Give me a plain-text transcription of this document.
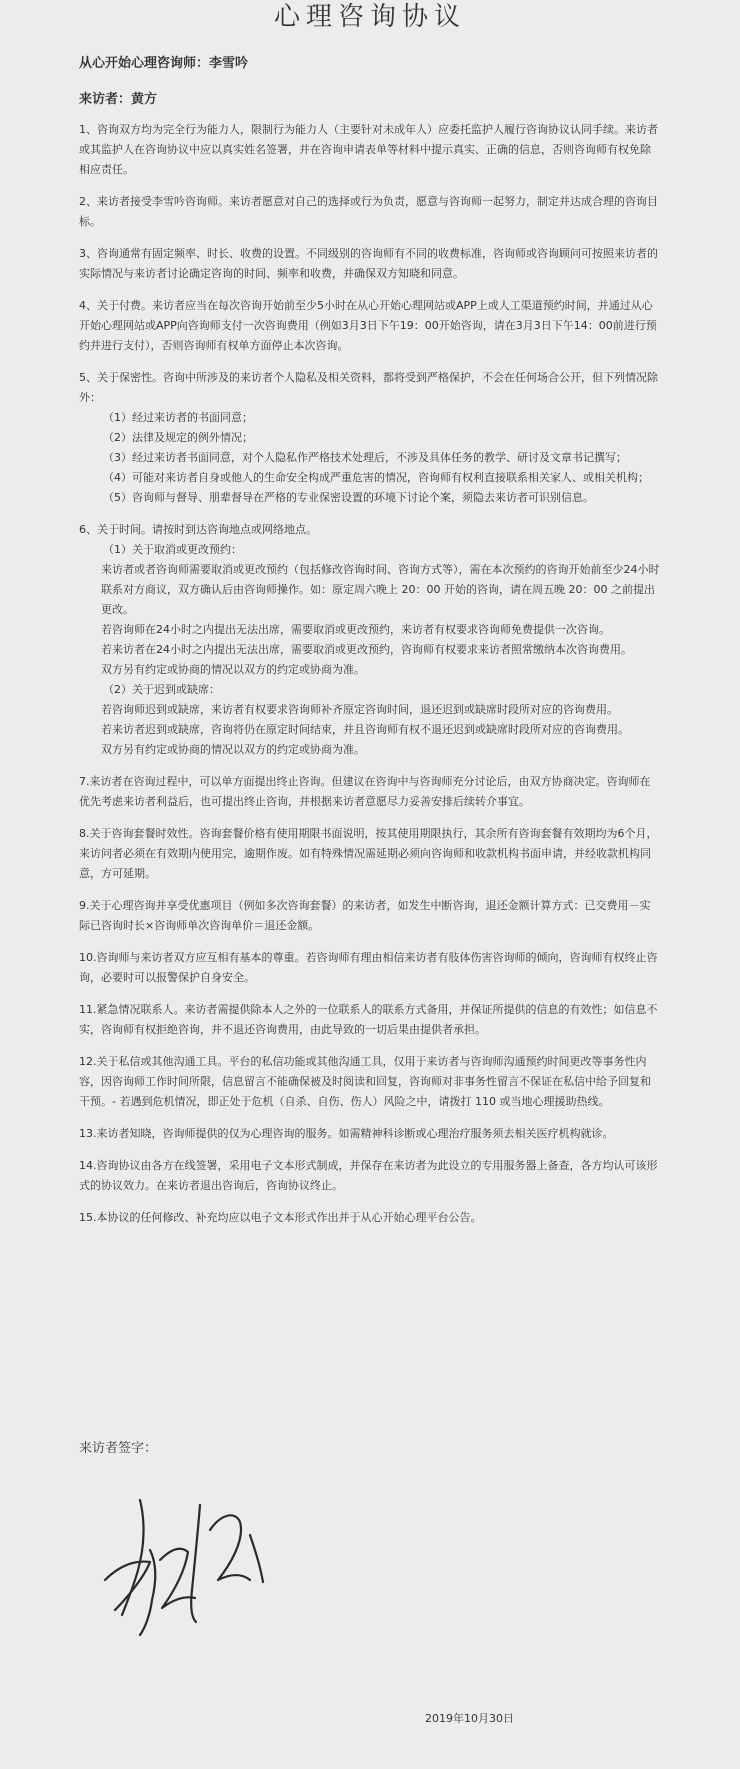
心理咨询协议
从心开始心理咨询师：李雪吟
来访者：黄方

1、咨询双方均为完全行为能力人，限制行为能力人（主要针对未成年人）应委托监护人履行咨询协议认同手续。来访者或其监护人在咨询协议中应以真实姓名签署，并在咨询申请表单等材料中提示真实、正确的信息，否则咨询师有权免除相应责任。

2、来访者接受李雪吟咨询师。来访者愿意对自己的选择或行为负责，愿意与咨询师一起努力，制定并达成合理的咨询目标。

3、咨询通常有固定频率、时长、收费的设置。不同级别的咨询师有不同的收费标准，咨询师或咨询顾问可按照来访者的实际情况与来访者讨论确定咨询的时间、频率和收费，并确保双方知晓和同意。

4、关于付费。来访者应当在每次咨询开始前至少5小时在从心开始心理网站或APP上或人工渠道预约时间，并通过从心开始心理网站或APP向咨询师支付一次咨询费用（例如3月3日下午19：00开始咨询，请在3月3日下午14：00前进行预约并进行支付），否则咨询师有权单方面停止本次咨询。

5、关于保密性。咨询中所涉及的来访者个人隐私及相关资料，都将受到严格保护，不会在任何场合公开，但下列情况除外：

（1）经过来访者的书面同意；

（2）法律及规定的例外情况；

（3）经过来访者书面同意，对个人隐私作严格技术处理后，不涉及具体任务的教学、研讨及文章书记撰写；

（4）可能对来访者自身或他人的生命安全构成严重危害的情况，咨询师有权利直接联系相关家人、或相关机构；

（5）咨询师与督导、朋辈督导在严格的专业保密设置的环境下讨论个案，须隐去来访者可识别信息。

6、关于时间。请按时到达咨询地点或网络地点。

（1）关于取消或更改预约：

来访者或者咨询师需要取消或更改预约（包括修改咨询时间、咨询方式等），需在本次预约的咨询开始前至少24小时联系对方商议，双方确认后由咨询师操作。如：原定周六晚上 20：00 开始的咨询，请在周五晚 20：00 之前提出更改。

若咨询师在24小时之内提出无法出席，需要取消或更改预约，来访者有权要求咨询师免费提供一次咨询。

若来访者在24小时之内提出无法出席，需要取消或更改预约，咨询师有权要求来访者照常缴纳本次咨询费用。

双方另有约定或协商的情况以双方的约定或协商为准。

（2）关于迟到或缺席：

若咨询师迟到或缺席，来访者有权要求咨询师补齐原定咨询时间，退还迟到或缺席时段所对应的咨询费用。

若来访者迟到或缺席，咨询将仍在原定时间结束，并且咨询师有权不退还迟到或缺席时段所对应的咨询费用。

双方另有约定或协商的情况以双方的约定或协商为准。

7.来访者在咨询过程中，可以单方面提出终止咨询。但建议在咨询中与咨询师充分讨论后，由双方协商决定。咨询师在优先考虑来访者利益后，也可提出终止咨询，并根据来访者意愿尽力妥善安排后续转介事宜。

8.关于咨询套餐时效性。咨询套餐价格有使用期限书面说明，按其使用期限执行，其余所有咨询套餐有效期均为6个月，来访问者必须在有效期内使用完，逾期作废。如有特殊情况需延期必须向咨询师和收款机构书面申请，并经收款机构同意，方可延期。

9.关于心理咨询并享受优惠项目（例如多次咨询套餐）的来访者，如发生中断咨询，退还金额计算方式：已交费用－实际已咨询时长×咨询师单次咨询单价＝退还金额。

10.咨询师与来访者双方应互相有基本的尊重。若咨询师有理由相信来访者有肢体伤害咨询师的倾向，咨询师有权终止咨询，必要时可以报警保护自身安全。

11.紧急情况联系人。来访者需提供除本人之外的一位联系人的联系方式备用，并保证所提供的信息的有效性；如信息不实，咨询师有权拒绝咨询，并不退还咨询费用，由此导致的一切后果由提供者承担。

12.关于私信或其他沟通工具。平台的私信功能或其他沟通工具，仅用于来访者与咨询师沟通预约时间更改等事务性内容，因咨询师工作时间所限，信息留言不能确保被及时阅读和回复，咨询师对非事务性留言不保证在私信中给予回复和干预。- 若遇到危机情况，即正处于危机（自杀、自伤、伤人）风险之中，请拨打 110 或当地心理援助热线。

13.来访者知晓，咨询师提供的仅为心理咨询的服务。如需精神科诊断或心理治疗服务须去相关医疗机构就诊。

14.咨询协议由各方在线签署，采用电子文本形式制成，并保存在来访者为此设立的专用服务器上备查，各方均认可该形式的协议效力。在来访者退出咨询后，咨询协议终止。

15.本协议的任何修改、补充均应以电子文本形式作出并于从心开始心理平台公告。

来访者签字：
2019年10月30日
